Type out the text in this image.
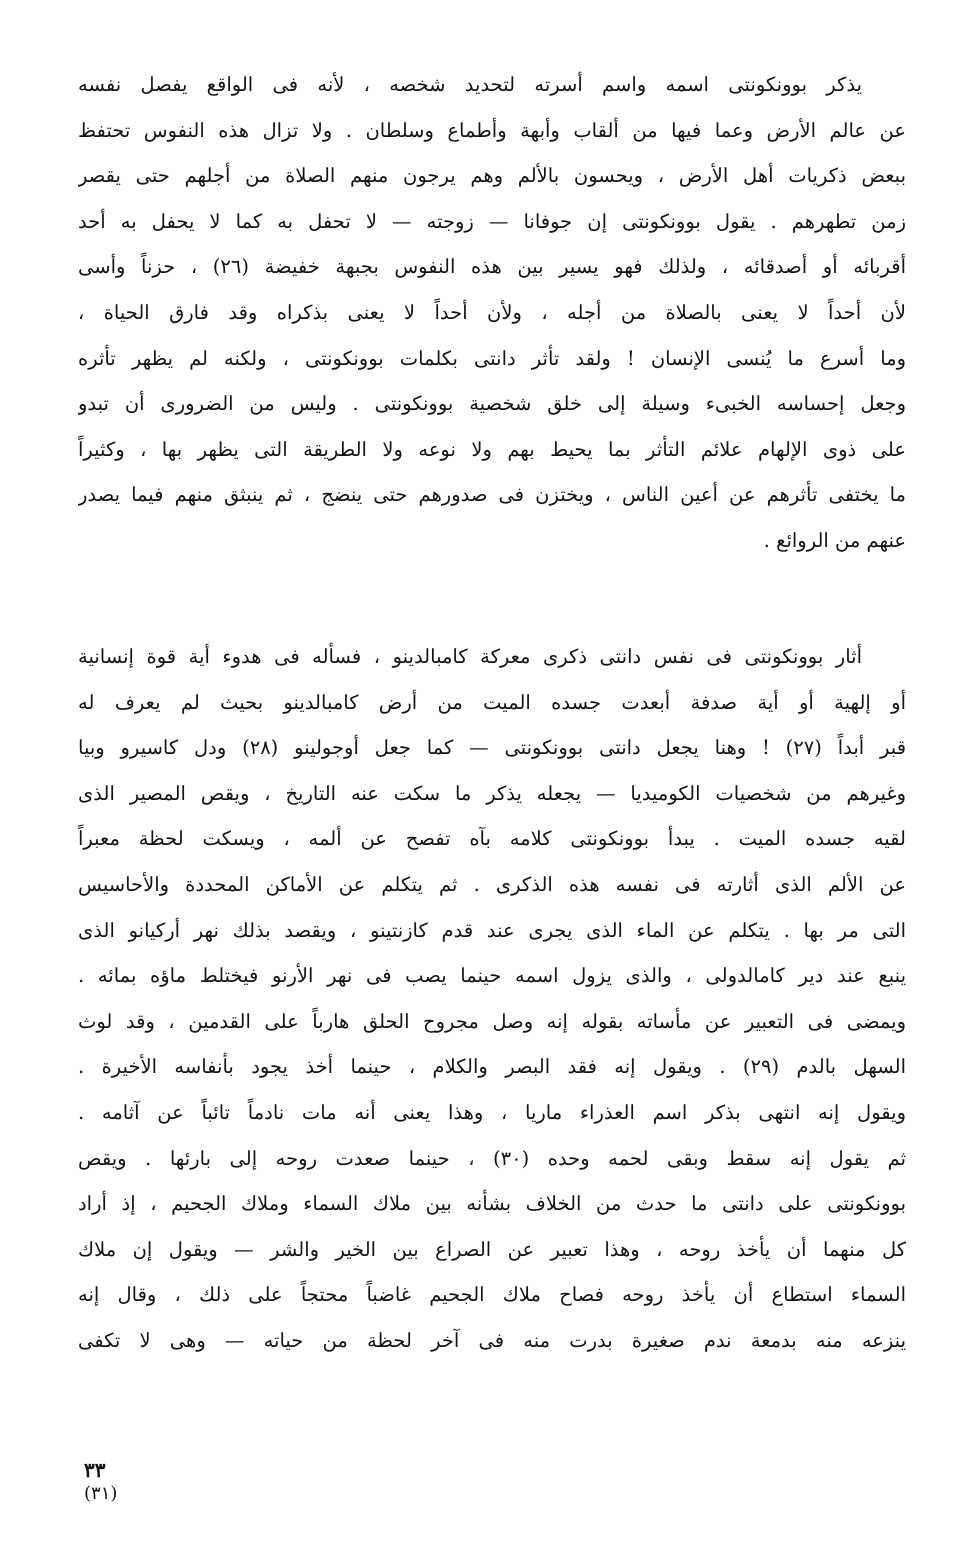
يذكر بوونكونتى اسمه واسم أسرته لتحديد شخصه ، لأنه فى الواقع يفصل نفسه
عن عالم الأرض وعما فيها من ألقاب وأبهة وأطماع وسلطان . ولا تزال هذه النفوس تحتفظ
ببعض ذكريات أهل الأرض ، ويحسون بالألم وهم يرجون منهم الصلاة من أجلهم حتى يقصر
زمن تطهرهم . يقول بوونكونتى إن جوفانا — زوجته — لا تحفل به كما لا يحفل به أحد
أقربائه أو أصدقائه ، ولذلك فهو يسير بين هذه النفوس بجبهة خفيضة (٢٦) ، حزناً وأسى
لأن أحداً لا يعنى بالصلاة من أجله ، ولأن أحداً لا يعنى بذكراه وقد فارق الحياة ،
وما أسرع ما يُنسى الإنسان ! ولقد تأثر دانتى بكلمات بوونكونتى ، ولكنه لم يظهر تأثره
وجعل إحساسه الخبىء وسيلة إلى خلق شخصية بوونكونتى . وليس من الضرورى أن تبدو
على ذوى الإلهام علائم التأثر بما يحيط بهم ولا نوعه ولا الطريقة التى يظهر بها ، وكثيراً
ما يختفى تأثرهم عن أعين الناس ، ويختزن فى صدورهم حتى ينضج ، ثم ينبثق منهم فيما يصدر
عنهم من الروائع .
أثار بوونكونتى فى نفس دانتى ذكرى معركة كامبالدينو ، فسأله فى هدوء أية قوة إنسانية
أو إلهية أو أية صدفة أبعدت جسده الميت من أرض كامبالدينو بحيث لم يعرف له
قبر أبداً (٢٧) ! وهنا يجعل دانتى بوونكونتى — كما جعل أوجولينو (٢٨) ودل كاسيرو وبيا
وغيرهم من شخصيات الكوميديا — يجعله يذكر ما سكت عنه التاريخ ، ويقص المصير الذى
لقيه جسده الميت . يبدأ بوونكونتى كلامه بآه تفصح عن ألمه ، ويسكت لحظة معبراً
عن الألم الذى أثارته فى نفسه هذه الذكرى . ثم يتكلم عن الأماكن المحددة والأحاسيس
التى مر بها . يتكلم عن الماء الذى يجرى عند قدم كازنتينو ، ويقصد بذلك نهر أركيانو الذى
ينبع عند دير كامالدولى ، والذى يزول اسمه حينما يصب فى نهر الأرنو فيختلط ماؤه بمائه .
ويمضى فى التعبير عن مأساته بقوله إنه وصل مجروح الحلق هارباً على القدمين ، وقد لوث
السهل بالدم (٢٩) . ويقول إنه فقد البصر والكلام ، حينما أخذ يجود بأنفاسه الأخيرة .
ويقول إنه انتهى بذكر اسم العذراء ماريا ، وهذا يعنى أنه مات نادماً تائباً عن آثامه .
ثم يقول إنه سقط وبقى لحمه وحده (٣٠) ، حينما صعدت روحه إلى بارئها . ويقص
بوونكونتى على دانتى ما حدث من الخلاف بشأنه بين ملاك السماء وملاك الجحيم ، إذ أراد
كل منهما أن يأخذ روحه ، وهذا تعبير عن الصراع بين الخير والشر — ويقول إن ملاك
السماء استطاع أن يأخذ روحه فصاح ملاك الجحيم غاضباً محتجاً على ذلك ، وقال إنه
ينزعه منه بدمعة ندم صغيرة بدرت منه فى آخر لحظة من حياته — وهى لا تكفى
٣٣
(٣١)
